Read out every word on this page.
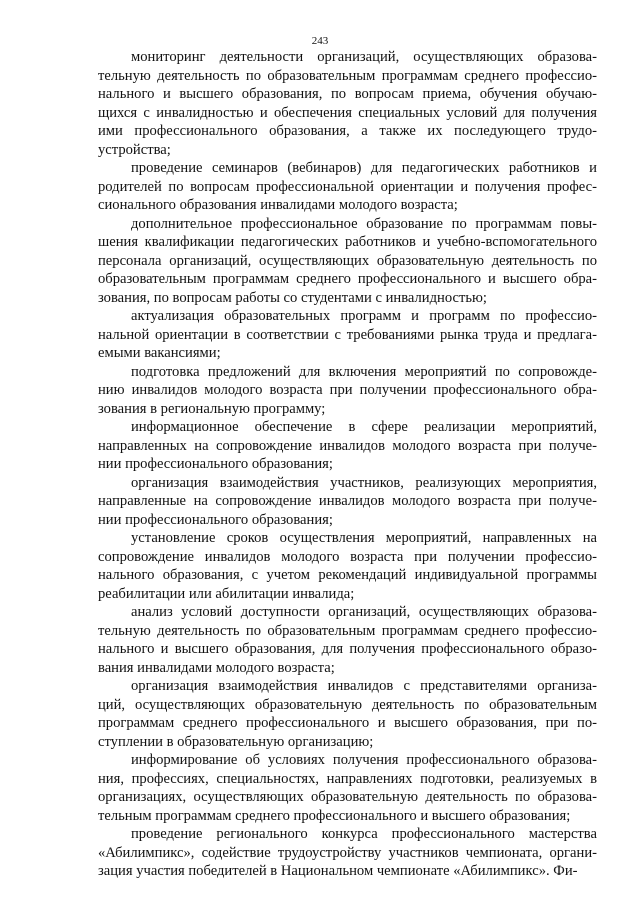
243
мониторинг деятельности организаций, осуществляющих образова-
тельную деятельность по образовательным программам среднего профессио-
нального и высшего образования, по вопросам приема, обучения обучаю-
щихся с инвалидностью и обеспечения специальных условий для получения
ими профессионального образования, а также их последующего трудо-
устройства;
проведение семинаров (вебинаров) для педагогических работников и
родителей по вопросам профессиональной ориентации и получения профес-
сионального образования инвалидами молодого возраста;
дополнительное профессиональное образование по программам повы-
шения квалификации педагогических работников и учебно-вспомогательного
персонала организаций, осуществляющих образовательную деятельность по
образовательным программам среднего профессионального и высшего обра-
зования, по вопросам работы со студентами с инвалидностью;
актуализация образовательных программ и программ по профессио-
нальной ориентации в соответствии с требованиями рынка труда и предлага-
емыми вакансиями;
подготовка предложений для включения мероприятий по сопровожде-
нию инвалидов молодого возраста при получении профессионального обра-
зования в региональную программу;
информационное обеспечение в сфере реализации мероприятий,
направленных на сопровождение инвалидов молодого возраста при получе-
нии профессионального образования;
организация взаимодействия участников, реализующих мероприятия,
направленные на сопровождение инвалидов молодого возраста при получе-
нии профессионального образования;
установление сроков осуществления мероприятий, направленных на
сопровождение инвалидов молодого возраста при получении профессио-
нального образования, с учетом рекомендаций индивидуальной программы
реабилитации или абилитации инвалида;
анализ условий доступности организаций, осуществляющих образова-
тельную деятельность по образовательным программам среднего профессио-
нального и высшего образования, для получения профессионального образо-
вания инвалидами молодого возраста;
организация взаимодействия инвалидов с представителями организа-
ций, осуществляющих образовательную деятельность по образовательным
программам среднего профессионального и высшего образования, при по-
ступлении в образовательную организацию;
информирование об условиях получения профессионального образова-
ния, профессиях, специальностях, направлениях подготовки, реализуемых в
организациях, осуществляющих образовательную деятельность по образова-
тельным программам среднего профессионального и высшего образования;
проведение регионального конкурса профессионального мастерства
«Абилимпикс», содействие трудоустройству участников чемпионата, органи-
зация участия победителей в Национальном чемпионате «Абилимпикс». Фи-
